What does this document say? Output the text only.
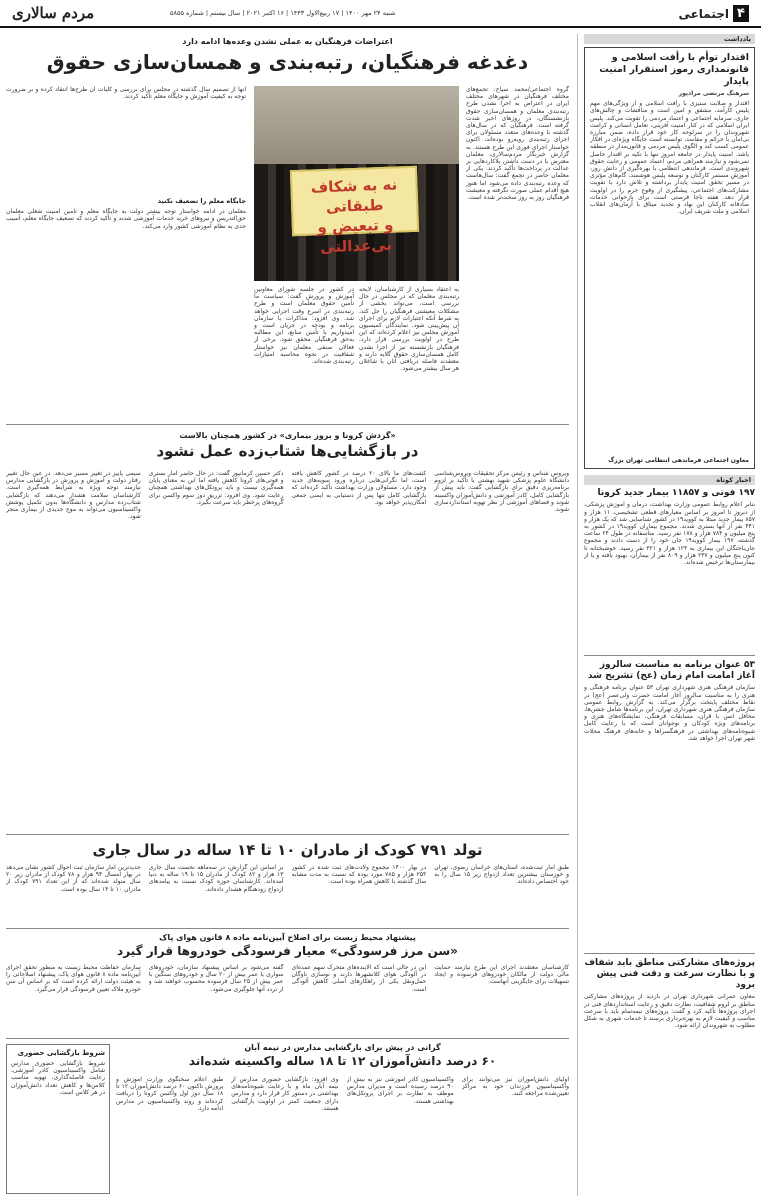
۴
اجتماعی
شنبه ۲۴ مهر ۱۴۰۰ | ۱۷ ربیع‌الاول ۱۴۴۳ | ۱۶ اکتبر ۲۰۲۱ | سال بیستم | شماره ۵۸۵۵
مردم سالاری
یادداشت
اقتدار توأم با رأفت اسلامی و قانونمداری رموز استقرار امنیت پایدار
سرهنگ مرتضی مرادپور
اقتدار و صلابت ستیزی با رأفت اسلامی و از ویژگی‌های مهم پلیس کارآمد، مشفق و امین است و مناقشات و چالش‌های جاری، سرمایه اجتماعی و اعتماد مردمی را تقویت می‌کند. پلیس ایران اسلامی که در کنار امنیت آفرینی، تعامل انسانی و کرامت شهروندان را در سرلوحه کار خود قرار داده، ضمن مبارزه بی‌امان با جرائم و مفاسد، توانسته است جایگاه ویژه‌ای در افکار عمومی کسب کند و الگوی پلیس مردمی و قانون‌مدار در منطقه باشد. امنیت پایدار در جامعه امروز تنها با تکیه بر اقتدار حاصل نمی‌شود و نیازمند همراهی مردم، اعتماد عمومی و رعایت حقوق شهروندی است. فرماندهی انتظامی با بهره‌گیری از دانش روز، آموزش مستمر کارکنان و توسعه پلیس هوشمند، گام‌های مؤثری در مسیر تحقق امنیت پایدار برداشته و تلاش دارد با تقویت مشارکت‌های اجتماعی، پیشگیری از وقوع جرم را در اولویت قرار دهد. هفته ناجا فرصتی است برای بازخوانی خدمات صادقانه کارکنان این نهاد و تجدید میثاق با آرمان‌های انقلاب اسلامی و ملت شریف ایران.
معاون اجتماعی فرماندهی انتظامی تهران بزرگ
اخبار کوتاه
۱۹۷ فوتی و ۱۱۸۵۷ بیمار جدید کرونا
بنابر اعلام روابط عمومی وزارت بهداشت، درمان و آموزش پزشکی، از دیروز تا امروز بر اساس معیارهای قطعی تشخیصی، ۱۱ هزار و ۸۵۷ بیمار جدید مبتلا به کووید۱۹ در کشور شناسایی شد که یک هزار و ۴۴۱ نفر از آنها بستری شدند. مجموع بیماران کووید۱۹ در کشور به پنج میلیون و ۷۸۴ هزار و ۱۷۸ نفر رسید. متأسفانه در طول ۲۴ ساعت گذشته، ۱۹۷ بیمار کووید۱۹ جان خود را از دست دادند و مجموع جان‌باختگان این بیماری به ۱۲۴ هزار و ۳۲۱ نفر رسید. خوشبختانه تا کنون پنج میلیون و ۲۳۷ هزار و ۸۰۹ نفر از بیماران، بهبود یافته و یا از بیمارستان‌ها ترخیص شده‌اند.
۵۳ عنوان برنامه به مناسبت سالروز آغاز امامت امام زمان (عج) تشریح شد
سازمان فرهنگی هنری شهرداری تهران ۵۳ عنوان برنامه فرهنگی و هنری را به مناسبت سالروز آغاز امامت حضرت ولی‌عصر (عج) در نقاط مختلف پایتخت برگزار می‌کند. به گزارش روابط عمومی سازمان فرهنگی هنری شهرداری تهران، این برنامه‌ها شامل جشن‌ها، محافل انس با قرآن، مسابقات فرهنگی، نمایشگاه‌های هنری و برنامه‌های ویژه کودکان و نوجوانان است که با رعایت کامل شیوه‌نامه‌های بهداشتی در فرهنگسراها و خانه‌های فرهنگ محلات شهر تهران اجرا خواهد شد.
پروژه‌های مشارکتی مناطق باید شفاف و با نظارت سرعت و دقت فنی پیش برود
معاون عمرانی شهرداری تهران در بازدید از پروژه‌های مشارکتی مناطق بر لزوم شفافیت، نظارت دقیق و رعایت استانداردهای فنی در اجرای پروژه‌ها تأکید کرد و گفت: پروژه‌های نیمه‌تمام باید با سرعت مناسب و کیفیت لازم به بهره‌برداری برسند تا خدمات شهری به شکل مطلوب به شهروندان ارائه شود.
اعتراضات فرهنگیان به عملی نشدن وعده‌ها ادامه دارد
دغدغه فرهنگیان، رتبه‌بندی و همسان‌سازی حقوق
گروه اجتماعی/محمد سیاح: تجمع‌های مختلف فرهنگیان در شهرهای مختلف ایران در اعتراض به اجرا نشدن طرح رتبه‌بندی معلمان و همسان‌سازی حقوق بازنشستگان، در روزهای اخیر شدت گرفته است. فرهنگیان که در سال‌های گذشته با وعده‌های متعدد مسئولان برای اجرای رتبه‌بندی روبه‌رو بوده‌اند، اکنون خواستار اجرای فوری این طرح هستند. به گزارش خبرنگار مردم‌سالاری، معلمان معترض با در دست داشتن پلاکاردهایی بر عدالت در پرداخت‌ها تأکید کردند. یکی از معلمان حاضر در تجمع گفت: سال‌هاست که وعده رتبه‌بندی داده می‌شود اما هنوز هیچ اقدام عملی صورت نگرفته و معیشت فرهنگیان روز به روز سخت‌تر شده است.
نه به شکاف طبقاتی
و تبعیض و بی‌عدالتی
به اعتقاد بسیاری از کارشناسان، لایحه رتبه‌بندی معلمان که در مجلس در حال بررسی است، می‌تواند بخشی از مشکلات معیشتی فرهنگیان را حل کند، به شرط آنکه اعتبارات لازم برای اجرای آن پیش‌بینی شود. نمایندگان کمیسیون آموزش مجلس نیز اعلام کرده‌اند که این طرح در اولویت بررسی قرار دارد. فرهنگیان بازنشسته نیز از اجرا نشدن کامل همسان‌سازی حقوق گلایه دارند و معتقدند فاصله دریافتی آنان با شاغلان هر سال بیشتر می‌شود.
در کشور در جلسه شورای معاونین آموزش و پرورش گفت: سیاست ما تأمین حقوق معلمان است و طرح رتبه‌بندی در اسرع وقت اجرایی خواهد شد. وی افزود: مذاکرات با سازمان برنامه و بودجه در جریان است و امیدواریم با تأمین منابع، این مطالبه به‌حق فرهنگیان محقق شود. برخی از فعالان صنفی معلمان نیز خواستار شفافیت در نحوه محاسبه امتیازات رتبه‌بندی شده‌اند.
آنها از تصمیم سال گذشته در مجلس برای بررسی و کلیات آن طرح‌ها انتقاد کرده و بر ضرورت توجه به کیفیت آموزش و جایگاه معلم تأکید کردند.
جایگاه معلم را تضعیف نکنید
معلمان در ادامه خواستار توجه بیشتر دولت به جایگاه معلم و تأمین امنیت شغلی معلمان حق‌التدریس و نیروهای خرید خدمات آموزشی شدند و تأکید کردند که تضعیف جایگاه معلم، آسیب جدی به نظام آموزشی کشور وارد می‌کند.
«گردش کرونا و بروز بیماری» در کشور همچنان بالاست
در بازگشایی‌ها شتاب‌زده عمل نشود
ویروس شناس و رئیس مرکز تحقیقات ویروس‌شناسی دانشگاه علوم پزشکی شهید بهشتی با تأکید بر لزوم برنامه‌ریزی دقیق برای بازگشایی گفت: باید پیش از بازگشایی کامل، کادر آموزشی و دانش‌آموزان واکسینه شوند و فضاهای آموزشی از نظر تهویه استانداردسازی شوند.
کشت‌های ما بالای ۲۰ درصد در کشور کاهش یافته است، اما نگرانی‌هایی درباره ورود سویه‌های جدید وجود دارد. مسئولان وزارت بهداشت تأکید کرده‌اند که بازگشایی کامل تنها پس از دستیابی به ایمنی جمعی امکان‌پذیر خواهد بود.
دکتر حسین کرمانپور گفت: در حال حاضر آمار بستری و فوتی‌های کرونا کاهش یافته اما این به معنای پایان همه‌گیری نیست و باید پروتکل‌های بهداشتی همچنان رعایت شود. وی افزود: تزریق دوز سوم واکسن برای گروه‌های پرخطر باید سرعت بگیرد.
سیمی پاییز در تغییر مسیر می‌دهد. در عین حال تغییر رفتار دولت و آموزش و پرورش در بازگشایی مدارس نیازمند توجه ویژه به شرایط همه‌گیری است. کارشناسان سلامت هشدار می‌دهند که بازگشایی شتاب‌زده مدارس و دانشگاه‌ها بدون تکمیل پوشش واکسیناسیون می‌تواند به موج جدیدی از بیماری منجر شود.
تولد ۷۹۱ کودک از مادران ۱۰ تا ۱۴ ساله در سال جاری
طبق آمار ثبت‌شده، استان‌های خراسان رضوی، تهران و خوزستان بیشترین تعداد ازدواج زیر ۱۵ سال را به خود اختصاص داده‌اند.
در بهار ۱۴۰۰ مجموع ولادت‌های ثبت شده در کشور ۲۵۳ هزار و ۷۸۵ مورد بوده که نسبت به مدت مشابه سال گذشته با کاهش همراه بوده است.
بر اساس این گزارش، در سه‌ماهه نخست سال جاری ۱۳ هزار و ۸۲ کودک از مادران ۱۵ تا ۱۹ ساله به دنیا آمده‌اند. کارشناسان حوزه کودک نسبت به پیامدهای ازدواج زودهنگام هشدار داده‌اند.
جدیدترین آمار سازمان ثبت احوال کشور نشان می‌دهد در بهار امسال ۹۴ هزار و ۷۸ کودک از مادران زیر ۲۰ سال متولد شده‌اند که از این تعداد ۷۹۱ کودک از مادران ۱۰ تا ۱۴ سال بوده است.
پیشنهاد محیط زیست برای اصلاح آیین‌نامه ماده ۸ قانون هوای پاک
«سن مرز فرسودگی» معیار فرسودگی خودروها قرار گیرد
کارشناسان معتقدند اجرای این طرح نیازمند حمایت مالی دولت از مالکان خودروهای فرسوده و ایجاد تسهیلات برای جایگزینی آنهاست.
این در حالی است که آلاینده‌های متحرک سهم عمده‌ای در آلودگی هوای کلانشهرها دارند و نوسازی ناوگان حمل‌ونقل یکی از راهکارهای اصلی کاهش آلودگی است.
گفته می‌شود بر اساس پیشنهاد سازمان، خودروهای سواری با عمر بیش از ۲۰ سال و خودروهای سنگین با عمر بیش از ۲۵ سال فرسوده محسوب خواهند شد و از تردد آنها جلوگیری می‌شود.
سازمان حفاظت محیط زیست به منظور تحقق اجرای آیین‌نامه ماده ۸ قانون هوای پاک، پیشنهاد اصلاحاتی را به هیئت دولت ارائه کرده است که بر اساس آن سن خودرو ملاک تعیین فرسودگی قرار می‌گیرد.
گرانی در پیش برای بازگشایی مدارس در نیمه آبان
۶۰ درصد دانش‌آموزان ۱۲ تا ۱۸ ساله واکسینه شده‌اند
اولیای دانش‌آموزان نیز می‌توانند برای واکسیناسیون فرزندان خود به مراکز تعیین‌شده مراجعه کنند.
واکسیناسیون کادر آموزشی نیز به بیش از ۹۰ درصد رسیده است و مدیران مدارس موظف به نظارت بر اجرای پروتکل‌های بهداشتی هستند.
وی افزود: بازگشایی حضوری مدارس از نیمه آبان ماه و با رعایت شیوه‌نامه‌های بهداشتی در دستور کار قرار دارد و مدارس دارای جمعیت کمتر در اولویت بازگشایی هستند.
طبق اعلام سخنگوی وزارت آموزش و پرورش تاکنون ۶۰ درصد دانش‌آموزان ۱۲ تا ۱۸ سال دوز اول واکسن کرونا را دریافت کرده‌اند و روند واکسیناسیون در مدارس ادامه دارد.
شروط بازگشایی حضوری
شروط بازگشایی حضوری مدارس شامل واکسیناسیون کادر آموزشی، رعایت فاصله‌گذاری، تهویه مناسب کلاس‌ها و کاهش تعداد دانش‌آموزان در هر کلاس است.
